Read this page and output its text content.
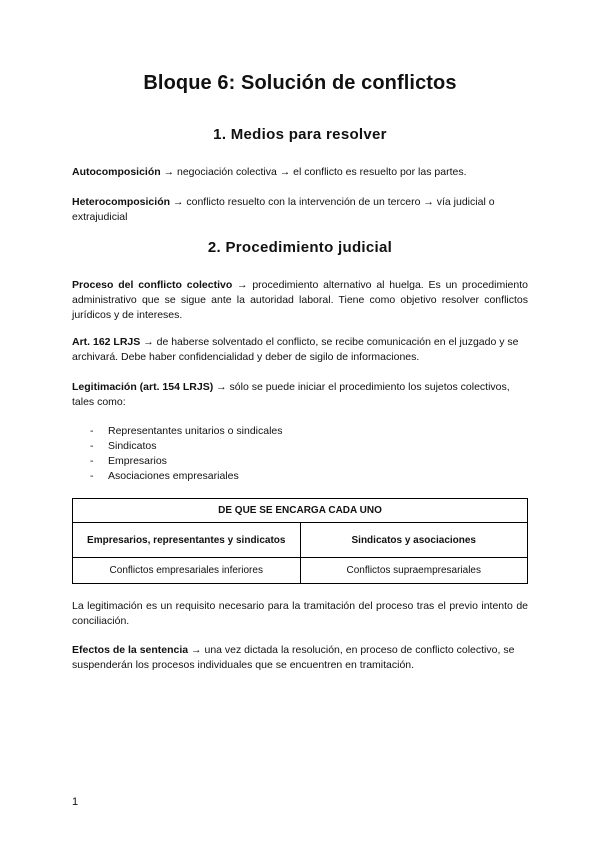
Bloque 6: Solución de conflictos
1. Medios para resolver

Autocomposición → negociación colectiva → el conflicto es resuelto por las partes.

Heterocomposición → conflicto resuelto con la intervención de un tercero → vía judicial o extrajudicial

2. Procedimiento judicial

Proceso del conflicto colectivo → procedimiento alternativo al huelga. Es un procedimiento administrativo que se sigue ante la autoridad laboral. Tiene como objetivo resolver conflictos jurídicos y de intereses.

Art. 162 LRJS → de haberse solventado el conflicto, se recibe comunicación en el juzgado y se archivará. Debe haber confidencialidad y deber de sigilo de informaciones.

Legitimación (art. 154 LRJS) → sólo se puede iniciar el procedimiento los sujetos colectivos, tales como:

- Representantes unitarios o sindicales
- Sindicatos
- Empresarios
- Asociaciones empresariales
DE QUE SE ENCARGA CADA UNO	
Empresarios, representantes y sindicatos	Sindicatos y asociaciones
Conflictos empresariales inferiores	Conflictos supraempresariales

La legitimación es un requisito necesario para la tramitación del proceso tras el previo intento de conciliación.

Efectos de la sentencia → una vez dictada la resolución, en proceso de conflicto colectivo, se suspenderán los procesos individuales que se encuentren en tramitación.

1
